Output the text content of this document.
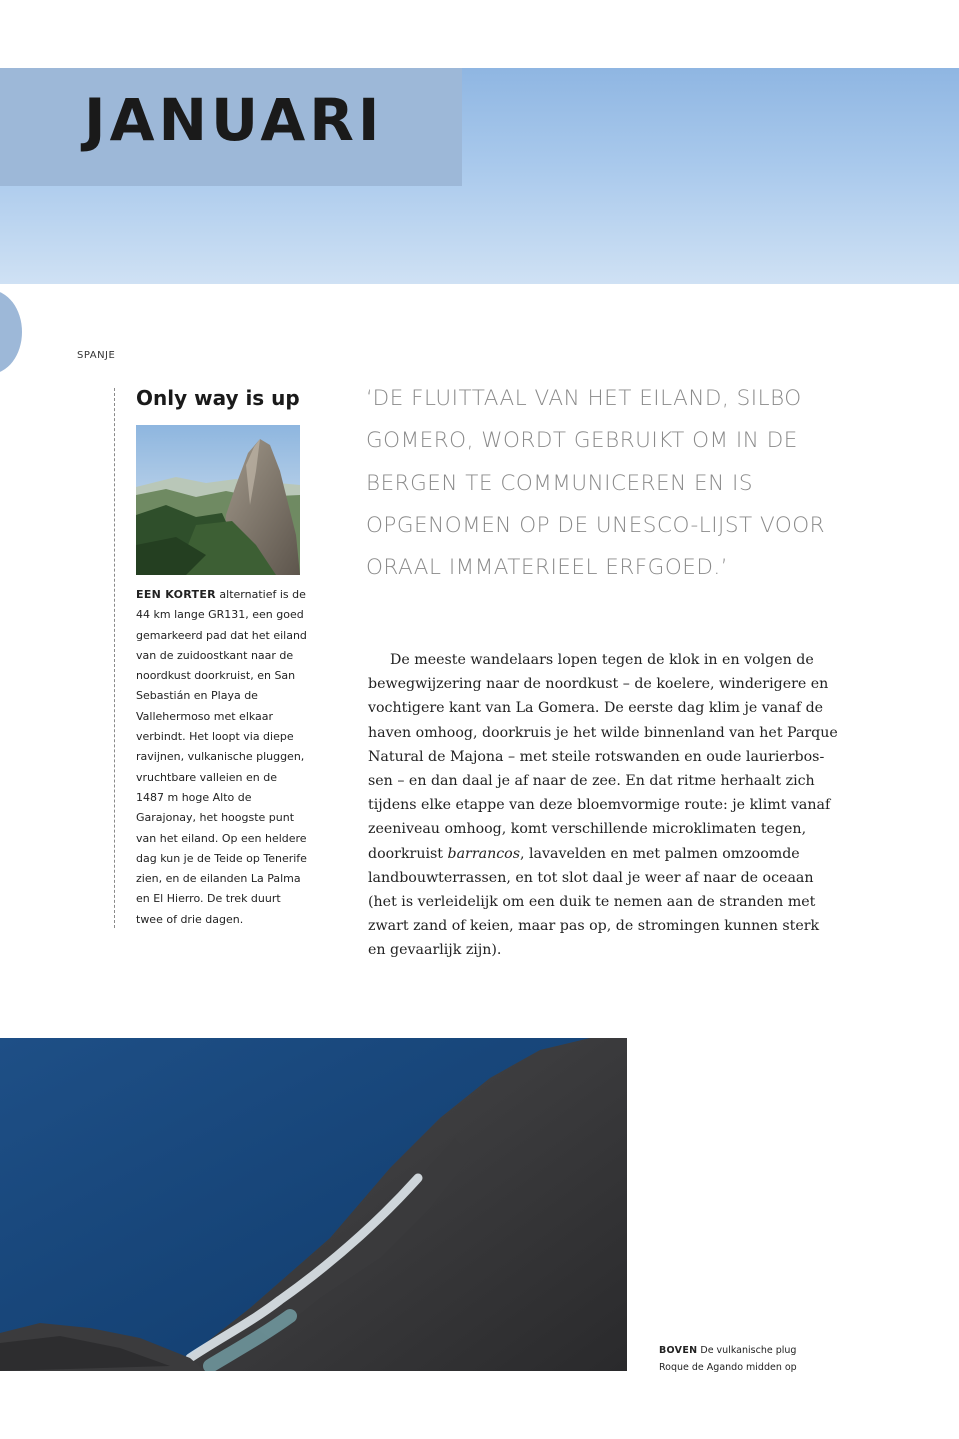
JANUARI
SPANJE
Only way is up

EEN KORTER alternatief is de 44 km lange GR131, een goed gemarkeerd pad dat het eiland van de zuidoostkant naar de noordkust doorkruist, en San Sebastián en Playa de Vallehermoso met elkaar verbindt. Het loopt via diepe ravijnen, vulkanische pluggen, vruchtbare valleien en de 1487 m hoge Alto de Garajonay, het hoogste punt van het eiland. Op een heldere dag kun je de Teide op Tenerife zien, en de eilanden La Palma en El Hierro. De trek duurt twee of drie dagen.

‘DE FLUITTAAL VAN HET EILAND, SILBO GOMERO, WORDT GEBRUIKT OM IN DE BERGEN TE COMMUNICEREN EN IS OPGENOMEN OP DE UNESCO-LIJST VOOR ORAAL IMMATERIEEL ERFGOED.’

De meeste wandelaars lopen tegen de klok in en volgen de bewegwijzering naar de noordkust – de koelere, winderigere en vochtigere kant van La Gomera. De eerste dag klim je vanaf de haven omhoog, doorkruis je het wilde binnenland van het Parque Natural de Majona – met steile rotswanden en oude laurierbossen – en dan daal je af naar de zee. En dat ritme herhaalt zich tijdens elke etappe van deze bloemvormige route: je klimt vanaf zeeniveau omhoog, komt verschillende microklimaten tegen, doorkruist barrancos, lavavelden en met palmen omzoomde landbouwterrassen, en tot slot daal je weer af naar de oceaan (het is verleidelijk om een duik te nemen aan de stranden met zwart zand of keien, maar pas op, de stromingen kunnen sterk en gevaarlijk zijn).

BOVEN De vulkanische plug Roque de Agando midden op
